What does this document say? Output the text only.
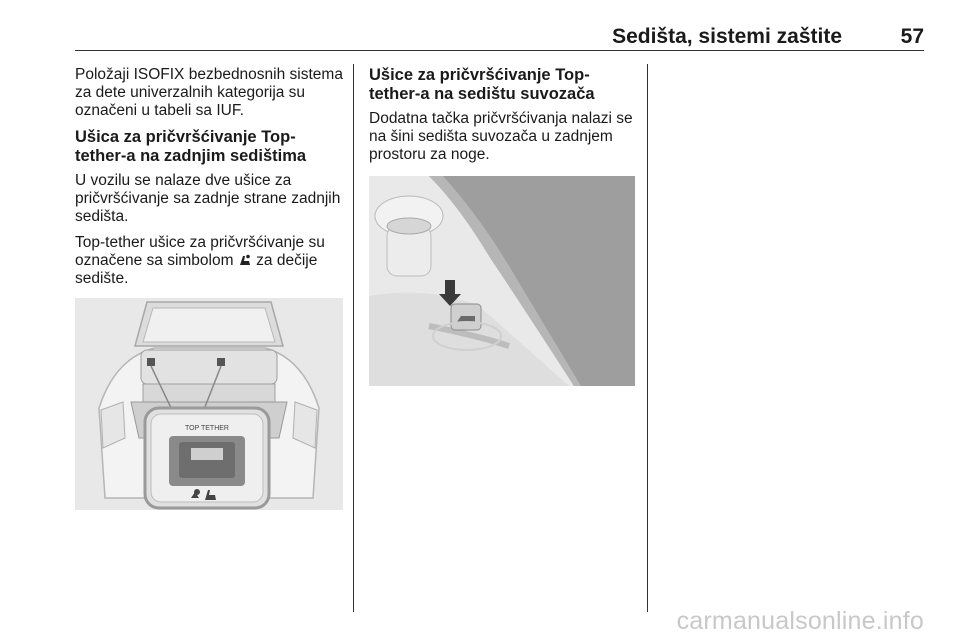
Sedišta, sistemi zaštite	57

Položaji ISOFIX bezbednosnih sistema za dete univerzalnih kategorija su označeni u tabeli sa IUF.

Ušica za pričvršćivanje Top-tether-a na zadnjim sedištima

U vozilu se nalaze dve ušice za pričvršćivanje sa zadnje strane zadnjih sedišta.

Top-tether ušice za pričvršćivanje su označene sa simbolom za dečije sedište.

TOP TETHER
Ušice za pričvršćivanje Top-tether-a na sedištu suvozača

Dodatna tačka pričvršćivanja nalazi se na šini sedišta suvozača u zadnjem prostoru za noge.

carmanualsonline.info
